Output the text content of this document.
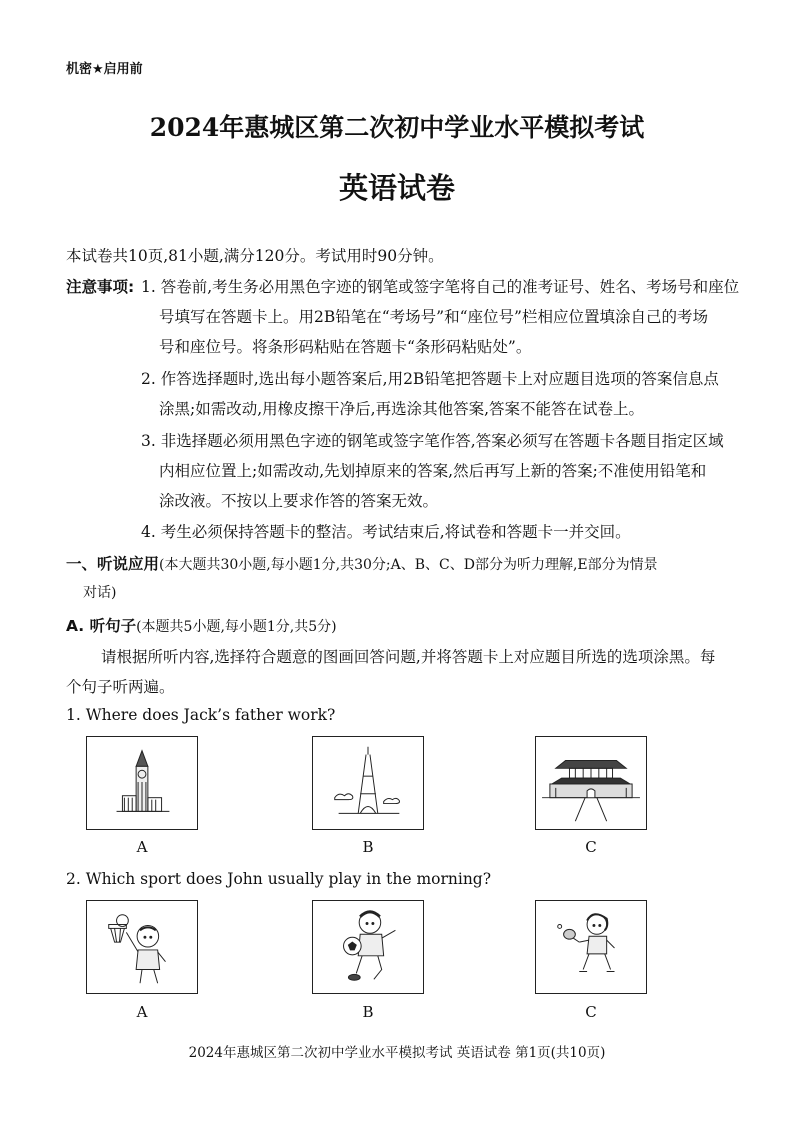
机密★启用前
2024年惠城区第二次初中学业水平模拟考试
英语试卷
本试卷共10页,81小题,满分120分。考试用时90分钟。
注意事项: 1. 答卷前,考生务必用黑色字迹的钢笔或签字笔将自己的准考证号、姓名、考场号和座位
号填写在答题卡上。用2B铅笔在“考场号”和“座位号”栏相应位置填涂自己的考场
号和座位号。将条形码粘贴在答题卡“条形码粘贴处”。
2. 作答选择题时,选出每小题答案后,用2B铅笔把答题卡上对应题目选项的答案信息点
涂黑;如需改动,用橡皮擦干净后,再选涂其他答案,答案不能答在试卷上。
3. 非选择题必须用黑色字迹的钢笔或签字笔作答,答案必须写在答题卡各题目指定区域
内相应位置上;如需改动,先划掉原来的答案,然后再写上新的答案;不准使用铅笔和
涂改液。不按以上要求作答的答案无效。
4. 考生必须保持答题卡的整洁。考试结束后,将试卷和答题卡一并交回。
一、听说应用(本大题共30小题,每小题1分,共30分;A、B、C、D部分为听力理解,E部分为情景
对话)
A. 听句子(本题共5小题,每小题1分,共5分)
请根据所听内容,选择符合题意的图画回答问题,并将答题卡上对应题目所选的选项涂黑。每
个句子听两遍。
1. Where does Jack’s father work?
A	B	C
2. Which sport does John usually play in the morning?
A	B	C
2024年惠城区第二次初中学业水平模拟考试 英语试卷 第1页(共10页)
